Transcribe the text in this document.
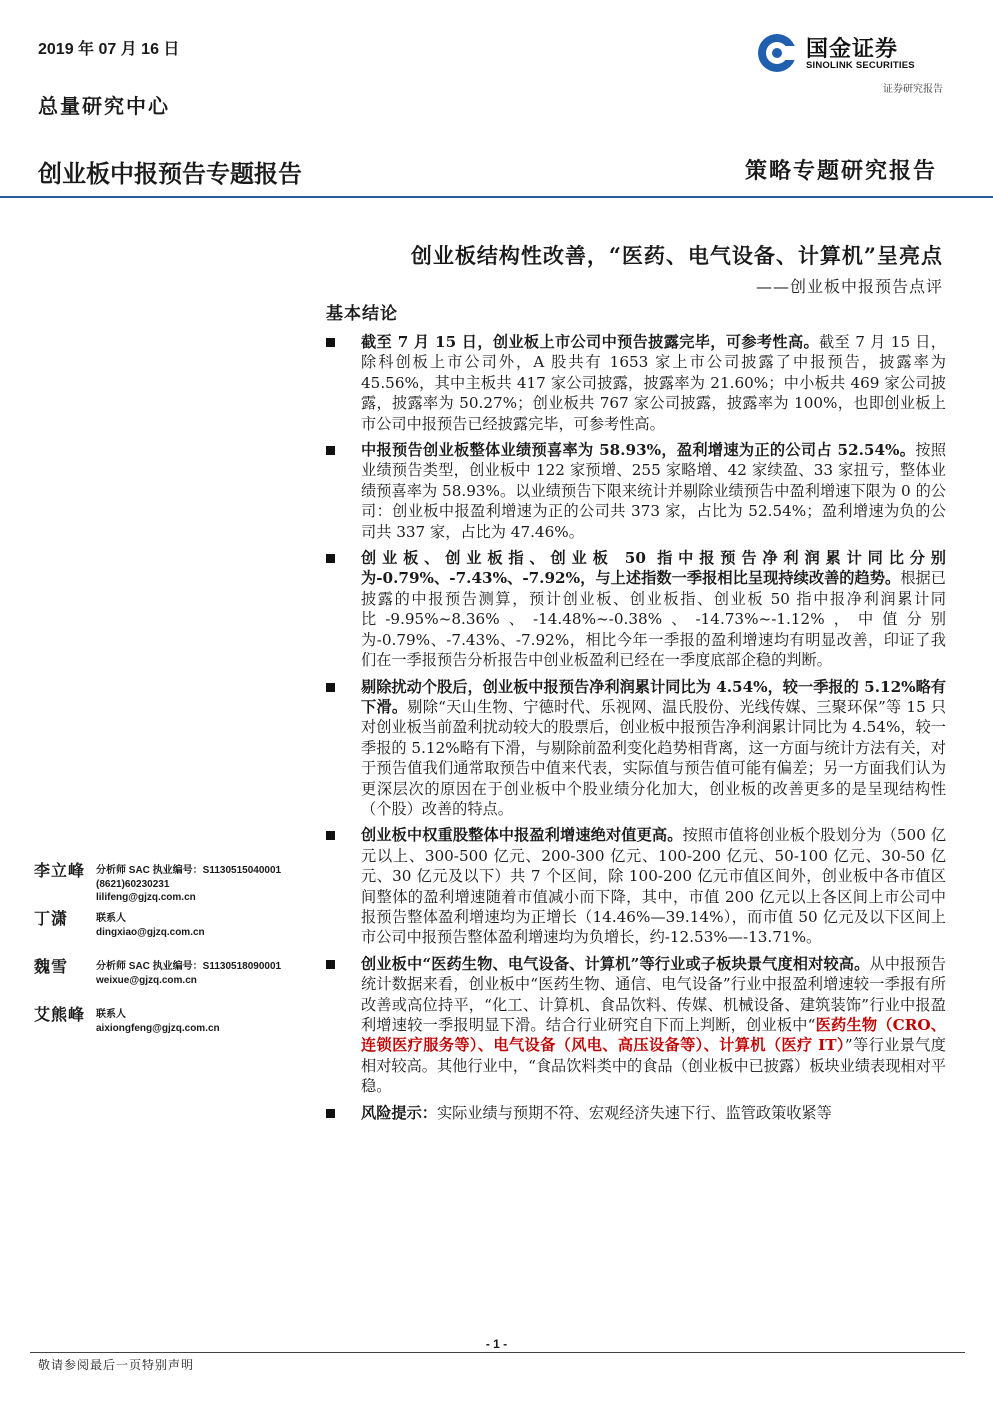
2019 年 07 月 16 日
总量研究中心
创业板中报预告专题报告	策略专题研究报告
国金证券
SINOLINK SECURITIES
证券研究报告
创业板结构性改善，“医药、电气设备、计算机”呈亮点
——创业板中报预告点评
基本结论
截至 7 月 15 日，创业板上市公司中预告披露完毕，可参考性高。截至 7 月 15 日，除科创板上市公司外，A 股共有 1653 家上市公司披露了中报预告，披露率为 45.56%，其中主板共 417 家公司披露，披露率为 21.60%；中小板共 469 家公司披露，披露率为 50.27%；创业板共 767 家公司披露，披露率为 100%，也即创业板上市公司中报预告已经披露完毕，可参考性高。
中报预告创业板整体业绩预喜率为 58.93%，盈利增速为正的公司占 52.54%。按照业绩预告类型，创业板中 122 家预增、255 家略增、42 家续盈、33 家扭亏，整体业绩预喜率为 58.93%。以业绩预告下限来统计并剔除业绩预告中盈利增速下限为 0 的公司：创业板中报盈利增速为正的公司共 373 家，占比为 52.54%；盈利增速为负的公司共 337 家，占比为 47.46%。
创业板、创业板指、创业板 50 指中报预告净利润累计同比分别为-0.79%、-7.43%、-7.92%，与上述指数一季报相比呈现持续改善的趋势。根据已披露的中报预告测算，预计创业板、创业板指、创业板 50 指中报净利润累计同比-9.95%~8.36%、-14.48%~-0.38%、-14.73%~-1.12%，中值分别为-0.79%、-7.43%、-7.92%，相比今年一季报的盈利增速均有明显改善，印证了我们在一季报预告分析报告中创业板盈利已经在一季度底部企稳的判断。
剔除扰动个股后，创业板中报预告净利润累计同比为 4.54%，较一季报的 5.12%略有下滑。剔除“天山生物、宁德时代、乐视网、温氏股份、光线传媒、三聚环保”等 15 只对创业板当前盈利扰动较大的股票后，创业板中报预告净利润累计同比为 4.54%，较一季报的 5.12%略有下滑，与剔除前盈利变化趋势相背离，这一方面与统计方法有关，对于预告值我们通常取预告中值来代表，实际值与预告值可能有偏差；另一方面我们认为更深层次的原因在于创业板中个股业绩分化加大，创业板的改善更多的是呈现结构性（个股）改善的特点。
创业板中权重股整体中报盈利增速绝对值更高。按照市值将创业板个股划分为（500 亿元以上、300-500 亿元、200-300 亿元、100-200 亿元、50-100 亿元、30-50 亿元、30 亿元及以下）共 7 个区间，除 100-200 亿元市值区间外，创业板中各市值区间整体的盈利增速随着市值减小而下降，其中，市值 200 亿元以上各区间上市公司中报预告整体盈利增速均为正增长（14.46%—39.14%），而市值 50 亿元及以下区间上市公司中报预告整体盈利增速均为负增长，约-12.53%—-13.71%。
创业板中“医药生物、电气设备、计算机”等行业或子板块景气度相对较高。从中报预告统计数据来看，创业板中“医药生物、通信、电气设备”行业中报盈利增速较一季报有所改善或高位持平，“化工、计算机、食品饮料、传媒、机械设备、建筑装饰”行业中报盈利增速较一季报明显下滑。结合行业研究自下而上判断，创业板中“医药生物（CRO、连锁医疗服务等）、电气设备（风电、高压设备等）、计算机（医疗 IT）”等行业景气度相对较高。其他行业中，“食品饮料类中的食品（创业板中已披露）板块业绩表现相对平稳。
风险提示：实际业绩与预期不符、宏观经济失速下行、监管政策收紧等
李立峰 分析师 SAC 执业编号：S1130515040001
(8621)60230231
lilifeng@gjzq.com.cn
丁潇	联系人
dingxiao@gjzq.com.cn
魏雪	分析师 SAC 执业编号：S1130518090001
weixue@gjzq.com.cn
艾熊峰 联系人
aixiongfeng@gjzq.com.cn
- 1 -
敬请参阅最后一页特别声明
